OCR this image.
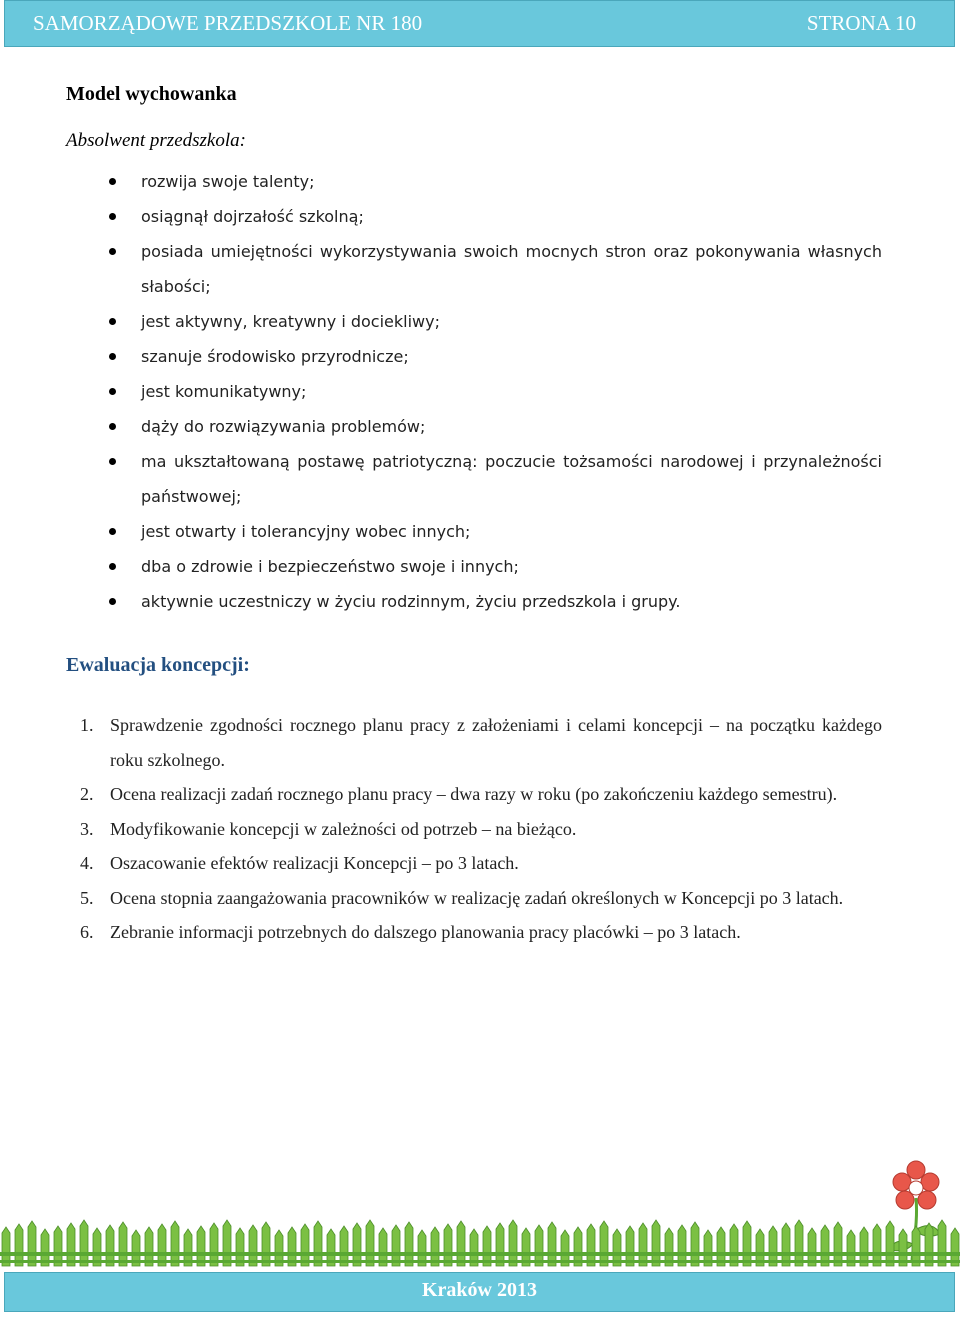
SAMORZĄDOWE PRZEDSZKOLE NR 180	STRONA 10
Model wychowanka
Absolwent przedszkola:
rozwija swoje talenty;
osiągnął dojrzałość szkolną;
posiada umiejętności wykorzystywania swoich mocnych stron oraz pokonywania własnych słabości;
jest aktywny, kreatywny i dociekliwy;
szanuje środowisko przyrodnicze;
jest komunikatywny;
dąży do rozwiązywania problemów;
ma ukształtowaną postawę patriotyczną: poczucie tożsamości narodowej i przynależności państwowej;
jest otwarty i tolerancyjny wobec innych;
dba o zdrowie i bezpieczeństwo swoje i innych;
aktywnie uczestniczy w życiu rodzinnym, życiu przedszkola i grupy.
Ewaluacja koncepcji:
1. Sprawdzenie zgodności rocznego planu pracy z założeniami i celami koncepcji – na początku każdego roku szkolnego.
2. Ocena realizacji zadań rocznego planu pracy – dwa razy w roku (po zakończeniu każdego semestru).
3. Modyfikowanie koncepcji w zależności od potrzeb – na bieżąco.
4. Oszacowanie efektów realizacji Koncepcji – po 3 latach.
5. Ocena stopnia zaangażowania pracowników w realizację zadań określonych w Koncepcji po 3 latach.
6. Zebranie informacji potrzebnych do dalszego planowania pracy placówki – po 3 latach.
Kraków 2013
